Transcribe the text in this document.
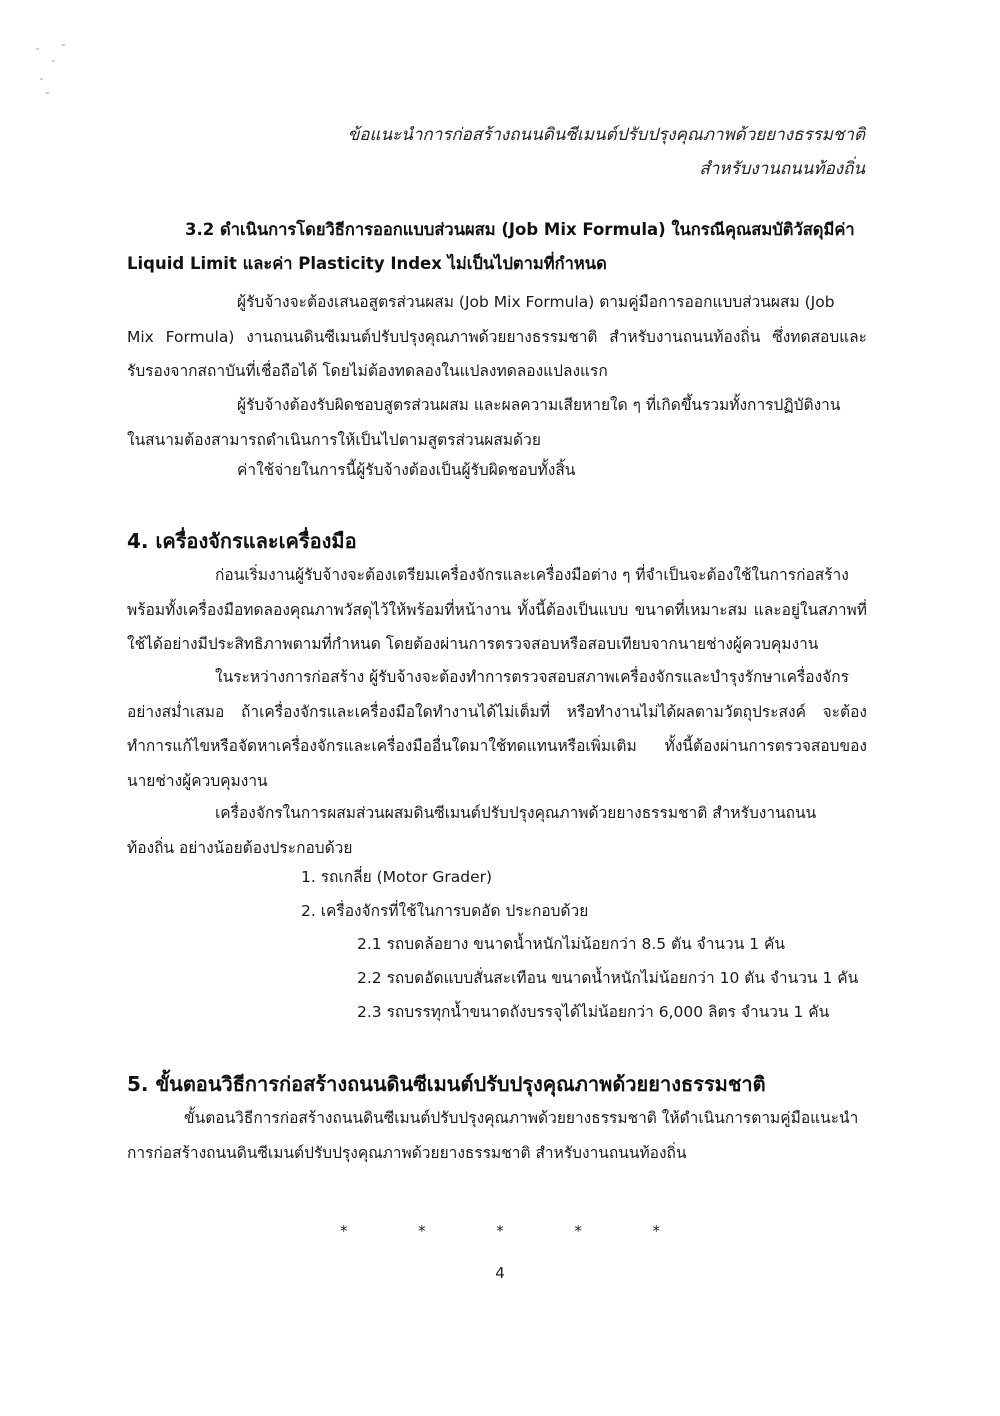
ข้อแนะนำการก่อสร้างถนนดินซีเมนต์ปรับปรุงคุณภาพด้วยยางธรรมชาติ
สำหรับงานถนนท้องถิ่น
3.2 ดำเนินการโดยวิธีการออกแบบส่วนผสม (Job Mix Formula) ในกรณีคุณสมบัติวัสดุมีค่า
Liquid Limit และค่า Plasticity Index ไม่เป็นไปตามที่กำหนด
ผู้รับจ้างจะต้องเสนอสูตรส่วนผสม (Job Mix Formula) ตามคู่มือการออกแบบส่วนผสม (Job
Mix Formula) งานถนนดินซีเมนต์ปรับปรุงคุณภาพด้วยยางธรรมชาติ สำหรับงานถนนท้องถิ่น ซึ่งทดสอบและรับรองจากสถาบันที่เชื่อถือได้ โดยไม่ต้องทดลองในแปลงทดลองแปลงแรก
ผู้รับจ้างต้องรับผิดชอบสูตรส่วนผสม และผลความเสียหายใด ๆ ที่เกิดขึ้นรวมทั้งการปฏิบัติงาน
ในสนามต้องสามารถดำเนินการให้เป็นไปตามสูตรส่วนผสมด้วย
ค่าใช้จ่ายในการนี้ผู้รับจ้างต้องเป็นผู้รับผิดชอบทั้งสิ้น
4. เครื่องจักรและเครื่องมือ
ก่อนเริ่มงานผู้รับจ้างจะต้องเตรียมเครื่องจักรและเครื่องมือต่าง ๆ ที่จำเป็นจะต้องใช้ในการก่อสร้าง
พร้อมทั้งเครื่องมือทดลองคุณภาพวัสดุไว้ให้พร้อมที่หน้างาน ทั้งนี้ต้องเป็นแบบ ขนาดที่เหมาะสม และอยู่ในสภาพที่ใช้ได้อย่างมีประสิทธิภาพตามที่กำหนด โดยต้องผ่านการตรวจสอบหรือสอบเทียบจากนายช่างผู้ควบคุมงาน
ในระหว่างการก่อสร้าง ผู้รับจ้างจะต้องทำการตรวจสอบสภาพเครื่องจักรและบำรุงรักษาเครื่องจักร
อย่างสม่ำเสมอ ถ้าเครื่องจักรและเครื่องมือใดทำงานได้ไม่เต็มที่ หรือทำงานไม่ได้ผลตามวัตถุประสงค์ จะต้องทำการแก้ไขหรือจัดหาเครื่องจักรและเครื่องมืออื่นใดมาใช้ทดแทนหรือเพิ่มเติม ทั้งนี้ต้องผ่านการตรวจสอบของนายช่างผู้ควบคุมงาน
เครื่องจักรในการผสมส่วนผสมดินซีเมนต์ปรับปรุงคุณภาพด้วยยางธรรมชาติ สำหรับงานถนน
ท้องถิ่น อย่างน้อยต้องประกอบด้วย
1. รถเกลี่ย (Motor Grader)
2. เครื่องจักรที่ใช้ในการบดอัด ประกอบด้วย
2.1 รถบดล้อยาง ขนาดน้ำหนักไม่น้อยกว่า 8.5 ตัน จำนวน 1 คัน
2.2 รถบดอัดแบบสั่นสะเทือน ขนาดน้ำหนักไม่น้อยกว่า 10 ตัน จำนวน 1 คัน
2.3 รถบรรทุกน้ำขนาดถังบรรจุได้ไม่น้อยกว่า 6,000 ลิตร จำนวน 1 คัน
5. ขั้นตอนวิธีการก่อสร้างถนนดินซีเมนต์ปรับปรุงคุณภาพด้วยยางธรรมชาติ
ขั้นตอนวิธีการก่อสร้างถนนดินซีเมนต์ปรับปรุงคุณภาพด้วยยางธรรมชาติ ให้ดำเนินการตามคู่มือแนะนำ
การก่อสร้างถนนดินซีเมนต์ปรับปรุงคุณภาพด้วยยางธรรมชาติ สำหรับงานถนนท้องถิ่น
*	*	*	*	*
4
